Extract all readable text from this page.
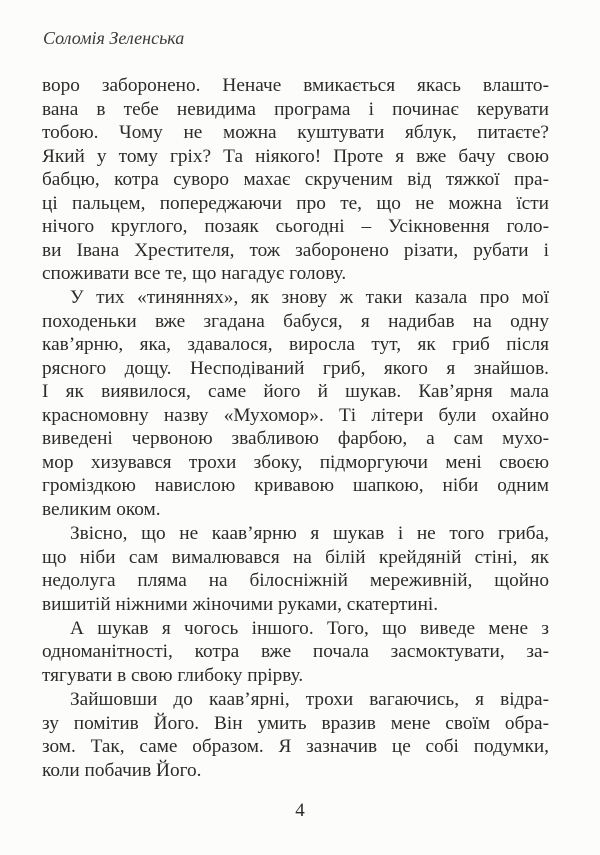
Соломія Зеленська
воро заборонено. Неначе вмикається якась влашто-
вана в тебе невидима програма і починає керувати
тобою. Чому не можна куштувати яблук, питаєте?
Який у тому гріх? Та ніякого! Проте я вже бачу свою
бабцю, котра суворо махає скрученим від тяжкої пра-
ці пальцем, попереджаючи про те, що не можна їсти
нічого круглого, позаяк сьогодні – Усікновення голо-
ви Івана Хрестителя, тож заборонено різати, рубати і
споживати все те, що нагадує голову.
У тих «тиняннях», як знову ж таки казала про мої
походеньки вже згадана бабуся, я надибав на одну
кав’ярню, яка, здавалося, виросла тут, як гриб після
рясного дощу. Несподіваний гриб, якого я знайшов.
І як виявилося, саме його й шукав. Кав’ярня мала
красномовну назву «Мухомор». Ті літери були охайно
виведені червоною звабливою фарбою, а сам мухо-
мор хизувався трохи збоку, підморгуючи мені своєю
громіздкою навислою кривавою шапкою, ніби одним
великим оком.
Звісно, що не каав’ярню я шукав і не того гриба,
що ніби сам вималювався на білій крейдяній стіні, як
недолуга пляма на білосніжній мереживній, щойно
вишитій ніжними жіночими руками, скатертині.
А шукав я чогось іншого. Того, що виведе мене з
одноманітності, котра вже почала засмоктувати, за-
тягувати в свою глибоку прірву.
Зайшовши до каав’ярні, трохи вагаючись, я відра-
зу помітив Його. Він умить вразив мене своїм обра-
зом. Так, саме образом. Я зазначив це собі подумки,
коли побачив Його.
4
